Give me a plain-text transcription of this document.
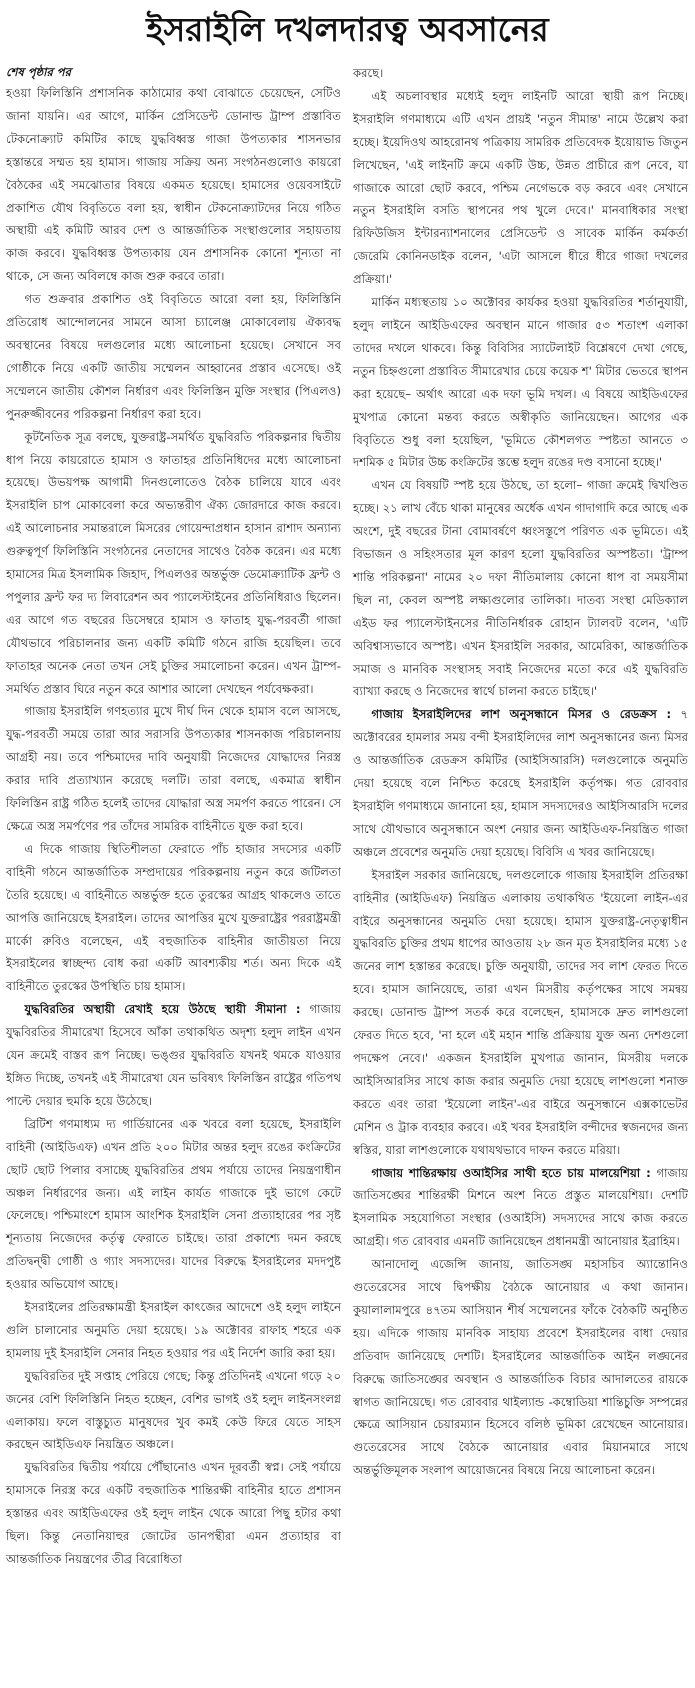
ইসরাইলি দখলদারত্ব অবসানের
শেষ পৃষ্ঠার পর

হওয়া ফিলিস্তিনি প্রশাসনিক কাঠামোর কথা বোঝাতে চেয়েছেন, সেটিও জানা যায়নি। এর আগে, মার্কিন প্রেসিডেন্ট ডোনাল্ড ট্রাম্প প্রস্তাবিত টেকনোক্র্যাট কমিটির কাছে যুদ্ধবিধ্বস্ত গাজা উপত্যকার শাসনভার হস্তান্তরে সম্মত হয় হামাস। গাজায় সক্রিয় অন্য সংগঠনগুলোও কায়রো বৈঠকের এই সমঝোতার বিষয়ে একমত হয়েছে। হামাসের ওয়েবসাইটে প্রকাশিত যৌথ বিবৃতিতে বলা হয়, স্বাধীন টেকনোক্র্যাটদের নিয়ে গঠিত অস্থায়ী এই কমিটি আরব দেশ ও আন্তর্জাতিক সংস্থাগুলোর সহায়তায় কাজ করবে। যুদ্ধবিধ্বস্ত উপত্যকায় যেন প্রশাসনিক কোনো শূন্যতা না থাকে, সে জন্য অবিলম্বে কাজ শুরু করবে তারা।

গত শুক্রবার প্রকাশিত ওই বিবৃতিতে আরো বলা হয়, ফিলিস্তিনি প্রতিরোধ আন্দোলনের সামনে আসা চ্যালেঞ্জ মোকাবেলায় ঐক্যবদ্ধ অবস্থানের বিষয়ে দলগুলোর মধ্যে আলোচনা হয়েছে। সেখানে সব গোষ্ঠীকে নিয়ে একটি জাতীয় সম্মেলন আহ্বানের প্রস্তাব এসেছে। ওই সম্মেলনে জাতীয় কৌশল নির্ধারণ এবং ফিলিস্তিন মুক্তি সংস্থার (পিএলও) পুনরুজ্জীবনের পরিকল্পনা নির্ধারণ করা হবে।

কূটনৈতিক সূত্র বলছে, যুক্তরাষ্ট্র-সমর্থিত যুদ্ধবিরতি পরিকল্পনার দ্বিতীয় ধাপ নিয়ে কায়রোতে হামাস ও ফাতাহর প্রতিনিধিদের মধ্যে আলোচনা হয়েছে। উভয়পক্ষ আগামী দিনগুলোতেও বৈঠক চালিয়ে যাবে এবং ইসরাইলি চাপ মোকাবেলা করে অভ্যন্তরীণ ঐক্য জোরদারে কাজ করবে। এই আলোচনার সমান্তরালে মিসরের গোয়েন্দাপ্রধান হাসান রাশাদ অন্যান্য গুরুত্বপূর্ণ ফিলিস্তিনি সংগঠনের নেতাদের সাথেও বৈঠক করেন। এর মধ্যে হামাসের মিত্র ইসলামিক জিহাদ, পিএলওর অন্তর্ভুক্ত ডেমোক্র্যাটিক ফ্রন্ট ও পপুলার ফ্রন্ট ফর দ্য লিবারেশন অব প্যালেস্টাইনের প্রতিনিধিরাও ছিলেন। এর আগে গত বছরের ডিসেম্বরে হামাস ও ফাতাহ যুদ্ধ-পরবর্তী গাজা যৌথভাবে পরিচালনার জন্য একটি কমিটি গঠনে রাজি হয়েছিল। তবে ফাতাহর অনেক নেতা তখন সেই চুক্তির সমালোচনা করেন। এখন ট্রাম্প-সমর্থিত প্রস্তাব ঘিরে নতুন করে আশার আলো দেখছেন পর্যবেক্ষকরা।

গাজায় ইসরাইলি গণহত্যার মুখে দীর্ঘ দিন থেকে হামাস বলে আসছে, যুদ্ধ-পরবর্তী সময়ে তারা আর সরাসরি উপত্যকার শাসনকাজ পরিচালনায় আগ্রহী নয়। তবে পশ্চিমাদের দাবি অনুযায়ী নিজেদের যোদ্ধাদের নিরস্ত্র করার দাবি প্রত্যাখ্যান করেছে দলটি। তারা বলছে, একমাত্র স্বাধীন ফিলিস্তিন রাষ্ট্র গঠিত হলেই তাদের যোদ্ধারা অস্ত্র সমর্পণ করতে পারেন। সে ক্ষেত্রে অস্ত্র সমর্পণের পর তাঁদের সামরিক বাহিনীতে যুক্ত করা হবে।

এ দিকে গাজায় স্থিতিশীলতা ফেরাতে পাঁচ হাজার সদস্যের একটি বাহিনী গঠনে আন্তর্জাতিক সম্প্রদায়ের পরিকল্পনায় নতুন করে জটিলতা তৈরি হয়েছে। এ বাহিনীতে অন্তর্ভুক্ত হতে তুরস্কের আগ্রহ থাকলেও তাতে আপত্তি জানিয়েছে ইসরাইল। তাদের আপত্তির মুখে যুক্তরাষ্ট্রের পররাষ্ট্রমন্ত্রী মার্কো রুবিও বলেছেন, এই বহুজাতিক বাহিনীর জাতীয়তা নিয়ে ইসরাইলের স্বাচ্ছন্দ্য বোধ করা একটি আবশ্যকীয় শর্ত। অন্য দিকে এই বাহিনীতে তুরস্কের উপস্থিতি চায় হামাস।

যুদ্ধবিরতির অস্থায়ী রেখাই হয়ে উঠছে স্থায়ী সীমানা : গাজায় যুদ্ধবিরতির সীমারেখা হিসেবে আঁকা তথাকথিত অদৃশ্য হলুদ লাইন এখন যেন ক্রমেই বাস্তব রূপ নিচ্ছে। ভঙ্গুর যুদ্ধবিরতি যখনই থমকে যাওয়ার ইঙ্গিত দিচ্ছে, তখনই এই সীমারেখা যেন ভবিষ্যৎ ফিলিস্তিন রাষ্ট্রের গতিপথ পাল্টে দেয়ার হুমকি হয়ে উঠেছে।

ব্রিটিশ গণমাধ্যম দ্য গার্ডিয়ানের এক খবরে বলা হয়েছে, ইসরাইলি বাহিনী (আইডিএফ) এখন প্রতি ২০০ মিটার অন্তর হলুদ রঙের কংক্রিটের ছোট ছোট পিলার বসাচ্ছে যুদ্ধবিরতির প্রথম পর্যায়ে তাদের নিয়ন্ত্রণাধীন অঞ্চল নির্ধারণের জন্য। এই লাইন কার্যত গাজাকে দুই ভাগে কেটে ফেলেছে। পশ্চিমাংশে হামাস আংশিক ইসরাইলি সেনা প্রত্যাহারের পর সৃষ্ট শূন্যতায় নিজেদের কর্তৃত্ব ফেরাতে চাইছে। তারা প্রকাশ্যে দমন করছে প্রতিদ্বন্দ্বী গোষ্ঠী ও গ্যাং সদস্যদের। যাদের বিরুদ্ধে ইসরাইলের মদদপুষ্ট হওয়ার অভিযোগ আছে।

ইসরাইলের প্রতিরক্ষামন্ত্রী ইসরাইল কাৎজের আদেশে ওই হলুদ লাইনে গুলি চালানোর অনুমতি দেয়া হয়েছে। ১৯ অক্টোবর রাফাহ শহরে এক হামলায় দুই ইসরাইলি সেনার নিহত হওয়ার পর এই নির্দেশ জারি করা হয়।

যুদ্ধবিরতির দুই সপ্তাহ পেরিয়ে গেছে; কিন্তু প্রতিদিনই এখনো গড়ে ২০ জনের বেশি ফিলিস্তিনি নিহত হচ্ছেন, বেশির ভাগই ওই হলুদ লাইনসংলগ্ন এলাকায়। ফলে বাস্তুচ্যুত মানুষদের খুব কমই কেউ ফিরে যেতে সাহস করছেন আইডিএফ নিয়ন্ত্রিত অঞ্চলে।

যুদ্ধবিরতির দ্বিতীয় পর্যায়ে পৌঁছানোও এখন দূরবর্তী স্বপ্ন। সেই পর্যায়ে হামাসকে নিরস্ত্র করে একটি বহুজাতিক শান্তিরক্ষী বাহিনীর হাতে প্রশাসন হস্তান্তর এবং আইডিএফের ওই হলুদ লাইন থেকে আরো পিছু হটার কথা ছিল। কিন্তু নেতানিয়াহুর জোটের ডানপন্থীরা এমন প্রত্যাহার বা আন্তর্জাতিক নিয়ন্ত্রণের তীব্র বিরোধিতা

করছে।

এই অচলাবস্থার মধ্যেই হলুদ লাইনটি আরো স্থায়ী রূপ নিচ্ছে। ইসরাইলি গণমাধ্যমে এটি এখন প্রায়ই 'নতুন সীমান্ত' নামে উল্লেখ করা হচ্ছে। ইয়েদিওথ আহরোনথ পত্রিকায় সামরিক প্রতিবেদক ইয়োয়াভ জিতুন লিখেছেন, 'এই লাইনটি ক্রমে একটি উচ্চ, উন্নত প্রাচীরে রূপ নেবে, যা গাজাকে আরো ছোট করবে, পশ্চিম নেগেভকে বড় করবে এবং সেখানে নতুন ইসরাইলি বসতি স্থাপনের পথ খুলে দেবে।' মানবাধিকার সংস্থা রিফিউজিস ইন্টারন্যাশনালের প্রেসিডেন্ট ও সাবেক মার্কিন কর্মকর্তা জেরেমি কোনিনডাইক বলেন, 'এটা আসলে ধীরে ধীরে গাজা দখলের প্রক্রিয়া।'

মার্কিন মধ্যস্থতায় ১০ অক্টোবর কার্যকর হওয়া যুদ্ধবিরতির শর্তানুযায়ী, হলুদ লাইনে আইডিএফের অবস্থান মানে গাজার ৫৩ শতাংশ এলাকা তাদের দখলে থাকবে। কিন্তু বিবিসির স্যাটেলাইট বিশ্লেষণে দেখা গেছে, নতুন চিহ্নগুলো প্রস্তাবিত সীমারেখার চেয়ে কয়েক শ' মিটার ভেতরে স্থাপন করা হয়েছে– অর্থাৎ আরো এক দফা ভূমি দখল। এ বিষয়ে আইডিএফের মুখপাত্র কোনো মন্তব্য করতে অস্বীকৃতি জানিয়েছেন। আগের এক বিবৃতিতে শুধু বলা হয়েছিল, 'ভূমিতে কৌশলগত স্পষ্টতা আনতে ৩ দশমিক ৫ মিটার উচ্চ কংক্রিটের স্তম্ভে হলুদ রঙের দণ্ড বসানো হচ্ছে।'

এখন যে বিষয়টি স্পষ্ট হয়ে উঠছে, তা হলো– গাজা ক্রমেই দ্বিখণ্ডিত হচ্ছে। ২১ লাখ বেঁচে থাকা মানুষের অর্ধেক এখন গাদাগাদি করে আছে এক অংশে, দুই বছরের টানা বোমাবর্ষণে ধ্বংসস্তূপে পরিণত এক ভূমিতে। এই বিভাজন ও সহিংসতার মূল কারণ হলো যুদ্ধবিরতির অস্পষ্টতা। 'ট্রাম্প শান্তি পরিকল্পনা' নামের ২০ দফা নীতিমালায় কোনো ধাপ বা সময়সীমা ছিল না, কেবল অস্পষ্ট লক্ষ্যগুলোর তালিকা। দাতব্য সংস্থা মেডিক্যাল এইড ফর প্যালেস্টাইনসের নীতিনির্ধারক রোহান ট্যালবট বলেন, 'এটি অবিশ্বাস্যভাবে অস্পষ্ট। এখন ইসরাইলি সরকার, আমেরিকা, আন্তর্জাতিক সমাজ ও মানবিক সংস্থাসহ সবাই নিজেদের মতো করে এই যুদ্ধবিরতি ব্যাখ্যা করছে ও নিজেদের স্বার্থে চালনা করতে চাইছে।'

গাজায় ইসরাইলিদের লাশ অনুসন্ধানে মিসর ও রেডক্রস : ৭ অক্টোবরের হামলার সময় বন্দী ইসরাইলিদের লাশ অনুসন্ধানের জন্য মিসর ও আন্তর্জাতিক রেডক্রস কমিটির (আইসিআরসি) দলগুলোকে অনুমতি দেয়া হয়েছে বলে নিশ্চিত করেছে ইসরাইলি কর্তৃপক্ষ। গত রোববার ইসরাইলি গণমাধ্যমে জানানো হয়, হামাস সদস্যদেরও আইসিআরসি দলের সাথে যৌথভাবে অনুসন্ধানে অংশ নেয়ার জন্য আইডিএফ-নিয়ন্ত্রিত গাজা অঞ্চলে প্রবেশের অনুমতি দেয়া হয়েছে। বিবিসি এ খবর জানিয়েছে।

ইসরাইল সরকার জানিয়েছে, দলগুলোকে গাজায় ইসরাইলি প্রতিরক্ষা বাহিনীর (আইডিএফ) নিয়ন্ত্রিত এলাকায় তথাকথিত 'ইয়েলো লাইন-এর বাইরে অনুসন্ধানের অনুমতি দেয়া হয়েছে। হামাস যুক্তরাষ্ট্র-নেতৃত্বাধীন যুদ্ধবিরতি চুক্তির প্রথম ধাপের আওতায় ২৮ জন মৃত ইসরাইলির মধ্যে ১৫ জনের লাশ হস্তান্তর করেছে। চুক্তি অনুযায়ী, তাদের সব লাশ ফেরত দিতে হবে। হামাস জানিয়েছে, তারা এখন মিসরীয় কর্তৃপক্ষের সাথে সমন্বয় করছে। ডোনাল্ড ট্রাম্প সতর্ক করে বলেছেন, হামাসকে দ্রুত লাশগুলো ফেরত দিতে হবে, 'না হলে এই মহান শান্তি প্রক্রিয়ায় যুক্ত অন্য দেশগুলো পদক্ষেপ নেবে।' একজন ইসরাইলি মুখপাত্র জানান, মিসরীয় দলকে আইসিআরসির সাথে কাজ করার অনুমতি দেয়া হয়েছে লাশগুলো শনাক্ত করতে এবং তারা 'ইয়েলো লাইন'-এর বাইরে অনুসন্ধানে এক্সকাভেটর মেশিন ও ট্রাক ব্যবহার করবে। এই খবর ইসরাইলি বন্দীদের স্বজনদের জন্য স্বস্তির, যারা লাশগুলোকে যথাযথভাবে দাফন করতে মরিয়া।

গাজায় শান্তিরক্ষায় ওআইসির সাথী হতে চায় মালয়েশিয়া : গাজায় জাতিসঙ্ঘের শান্তিরক্ষী মিশনে অংশ নিতে প্রস্তুত মালয়েশিয়া। দেশটি ইসলামিক সহযোগিতা সংস্থার (ওআইসি) সদস্যদের সাথে কাজ করতে আগ্রহী। গত রোববার এমনটি জানিয়েছেন প্রধানমন্ত্রী আনোয়ার ইব্রাহিম।

আনাদোলু এজেন্সি জানায়, জাতিসঙ্ঘ মহাসচিব অ্যান্তোনিও গুতেরেসের সাথে দ্বিপক্ষীয় বৈঠকে আনোয়ার এ কথা জানান। কুয়ালালামপুরে ৪৭তম আসিয়ান শীর্ষ সম্মেলনের ফাঁকে বৈঠকটি অনুষ্ঠিত হয়। এদিকে গাজায় মানবিক সাহায্য প্রবেশে ইসরাইলের বাধা দেয়ার প্রতিবাদ জানিয়েছে দেশটি। ইসরাইলের আন্তর্জাতিক আইন লঙ্ঘনের বিরুদ্ধে জাতিসঙ্ঘের অবস্থান ও আন্তর্জাতিক বিচার আদালতের রায়কে স্বাগত জানিয়েছে। গত রোববার থাইল্যান্ড -কম্বোডিয়া শান্তিচুক্তি সম্পন্নের ক্ষেত্রে আসিয়ান চেয়ারম্যান হিসেবে বলিষ্ঠ ভূমিকা রেখেছেন আনোয়ার। গুতেরেসের সাথে বৈঠকে আনোয়ার এবার মিয়ানমারে সাথে অন্তর্ভুক্তিমূলক সংলাপ আয়োজনের বিষয়ে নিয়ে আলোচনা করেন।
